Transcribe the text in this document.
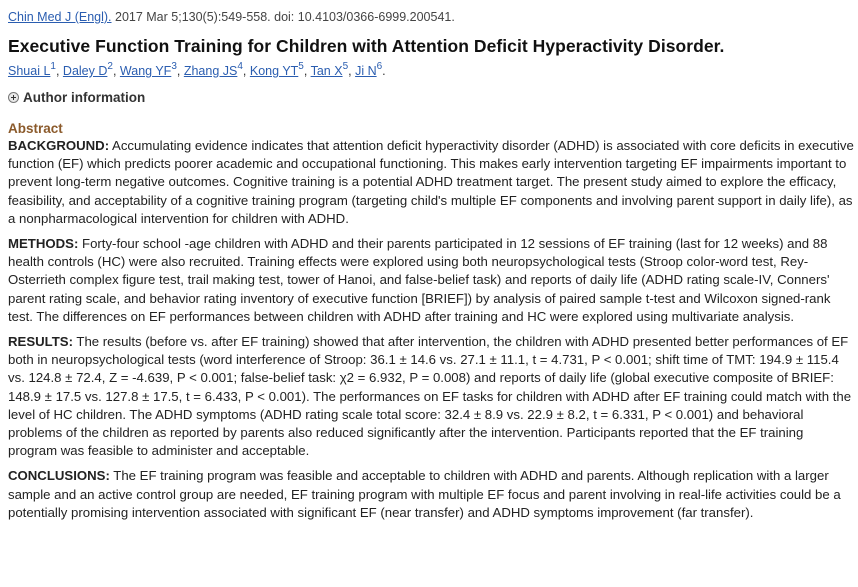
Chin Med J (Engl). 2017 Mar 5;130(5):549-558. doi: 10.4103/0366-6999.200541.
Executive Function Training for Children with Attention Deficit Hyperactivity Disorder.
Shuai $L^1$, Daley $D^2$, Wang $YF^3$, Zhang $JS^4$, Kong $YT^5$, Tan $X^5$, Ji $N^6$.
Author information
Abstract

BACKGROUND: Accumulating evidence indicates that attention deficit hyperactivity disorder (ADHD) is associated with core deficits in executive function (EF) which predicts poorer academic and occupational functioning. This makes early intervention targeting EF impairments important to prevent long-term negative outcomes. Cognitive training is a potential ADHD treatment target. The present study aimed to explore the efficacy, feasibility, and acceptability of a cognitive training program (targeting child's multiple EF components and involving parent support in daily life), as a nonpharmacological intervention for children with ADHD.

METHODS: Forty-four school -age children with ADHD and their parents participated in 12 sessions of EF training (last for 12 weeks) and 88 health controls (HC) were also recruited. Training effects were explored using both neuropsychological tests (Stroop color-word test, Rey-Osterrieth complex figure test, trail making test, tower of Hanoi, and false-belief task) and reports of daily life (ADHD rating scale-IV, Conners' parent rating scale, and behavior rating inventory of executive function [BRIEF]) by analysis of paired sample t-test and Wilcoxon signed-rank test. The differences on EF performances between children with ADHD after training and HC were explored using multivariate analysis.

RESULTS: The results (before vs. after EF training) showed that after intervention, the children with ADHD presented better performances of EF both in neuropsychological tests (word interference of Stroop: 36.1 ± 14.6 vs. 27.1 ± 11.1, t = 4.731, P < 0.001; shift time of TMT: 194.9 ± 115.4 vs. 124.8 ± 72.4, Z = -4.639, P < 0.001; false-belief task: χ2 = 6.932, P = 0.008) and reports of daily life (global executive composite of BRIEF: 148.9 ± 17.5 vs. 127.8 ± 17.5, t = 6.433, P < 0.001). The performances on EF tasks for children with ADHD after EF training could match with the level of HC children. The ADHD symptoms (ADHD rating scale total score: 32.4 ± 8.9 vs. 22.9 ± 8.2, t = 6.331, P < 0.001) and behavioral problems of the children as reported by parents also reduced significantly after the intervention. Participants reported that the EF training program was feasible to administer and acceptable.

CONCLUSIONS: The EF training program was feasible and acceptable to children with ADHD and parents. Although replication with a larger sample and an active control group are needed, EF training program with multiple EF focus and parent involving in real-life activities could be a potentially promising intervention associated with significant EF (near transfer) and ADHD symptoms improvement (far transfer).
